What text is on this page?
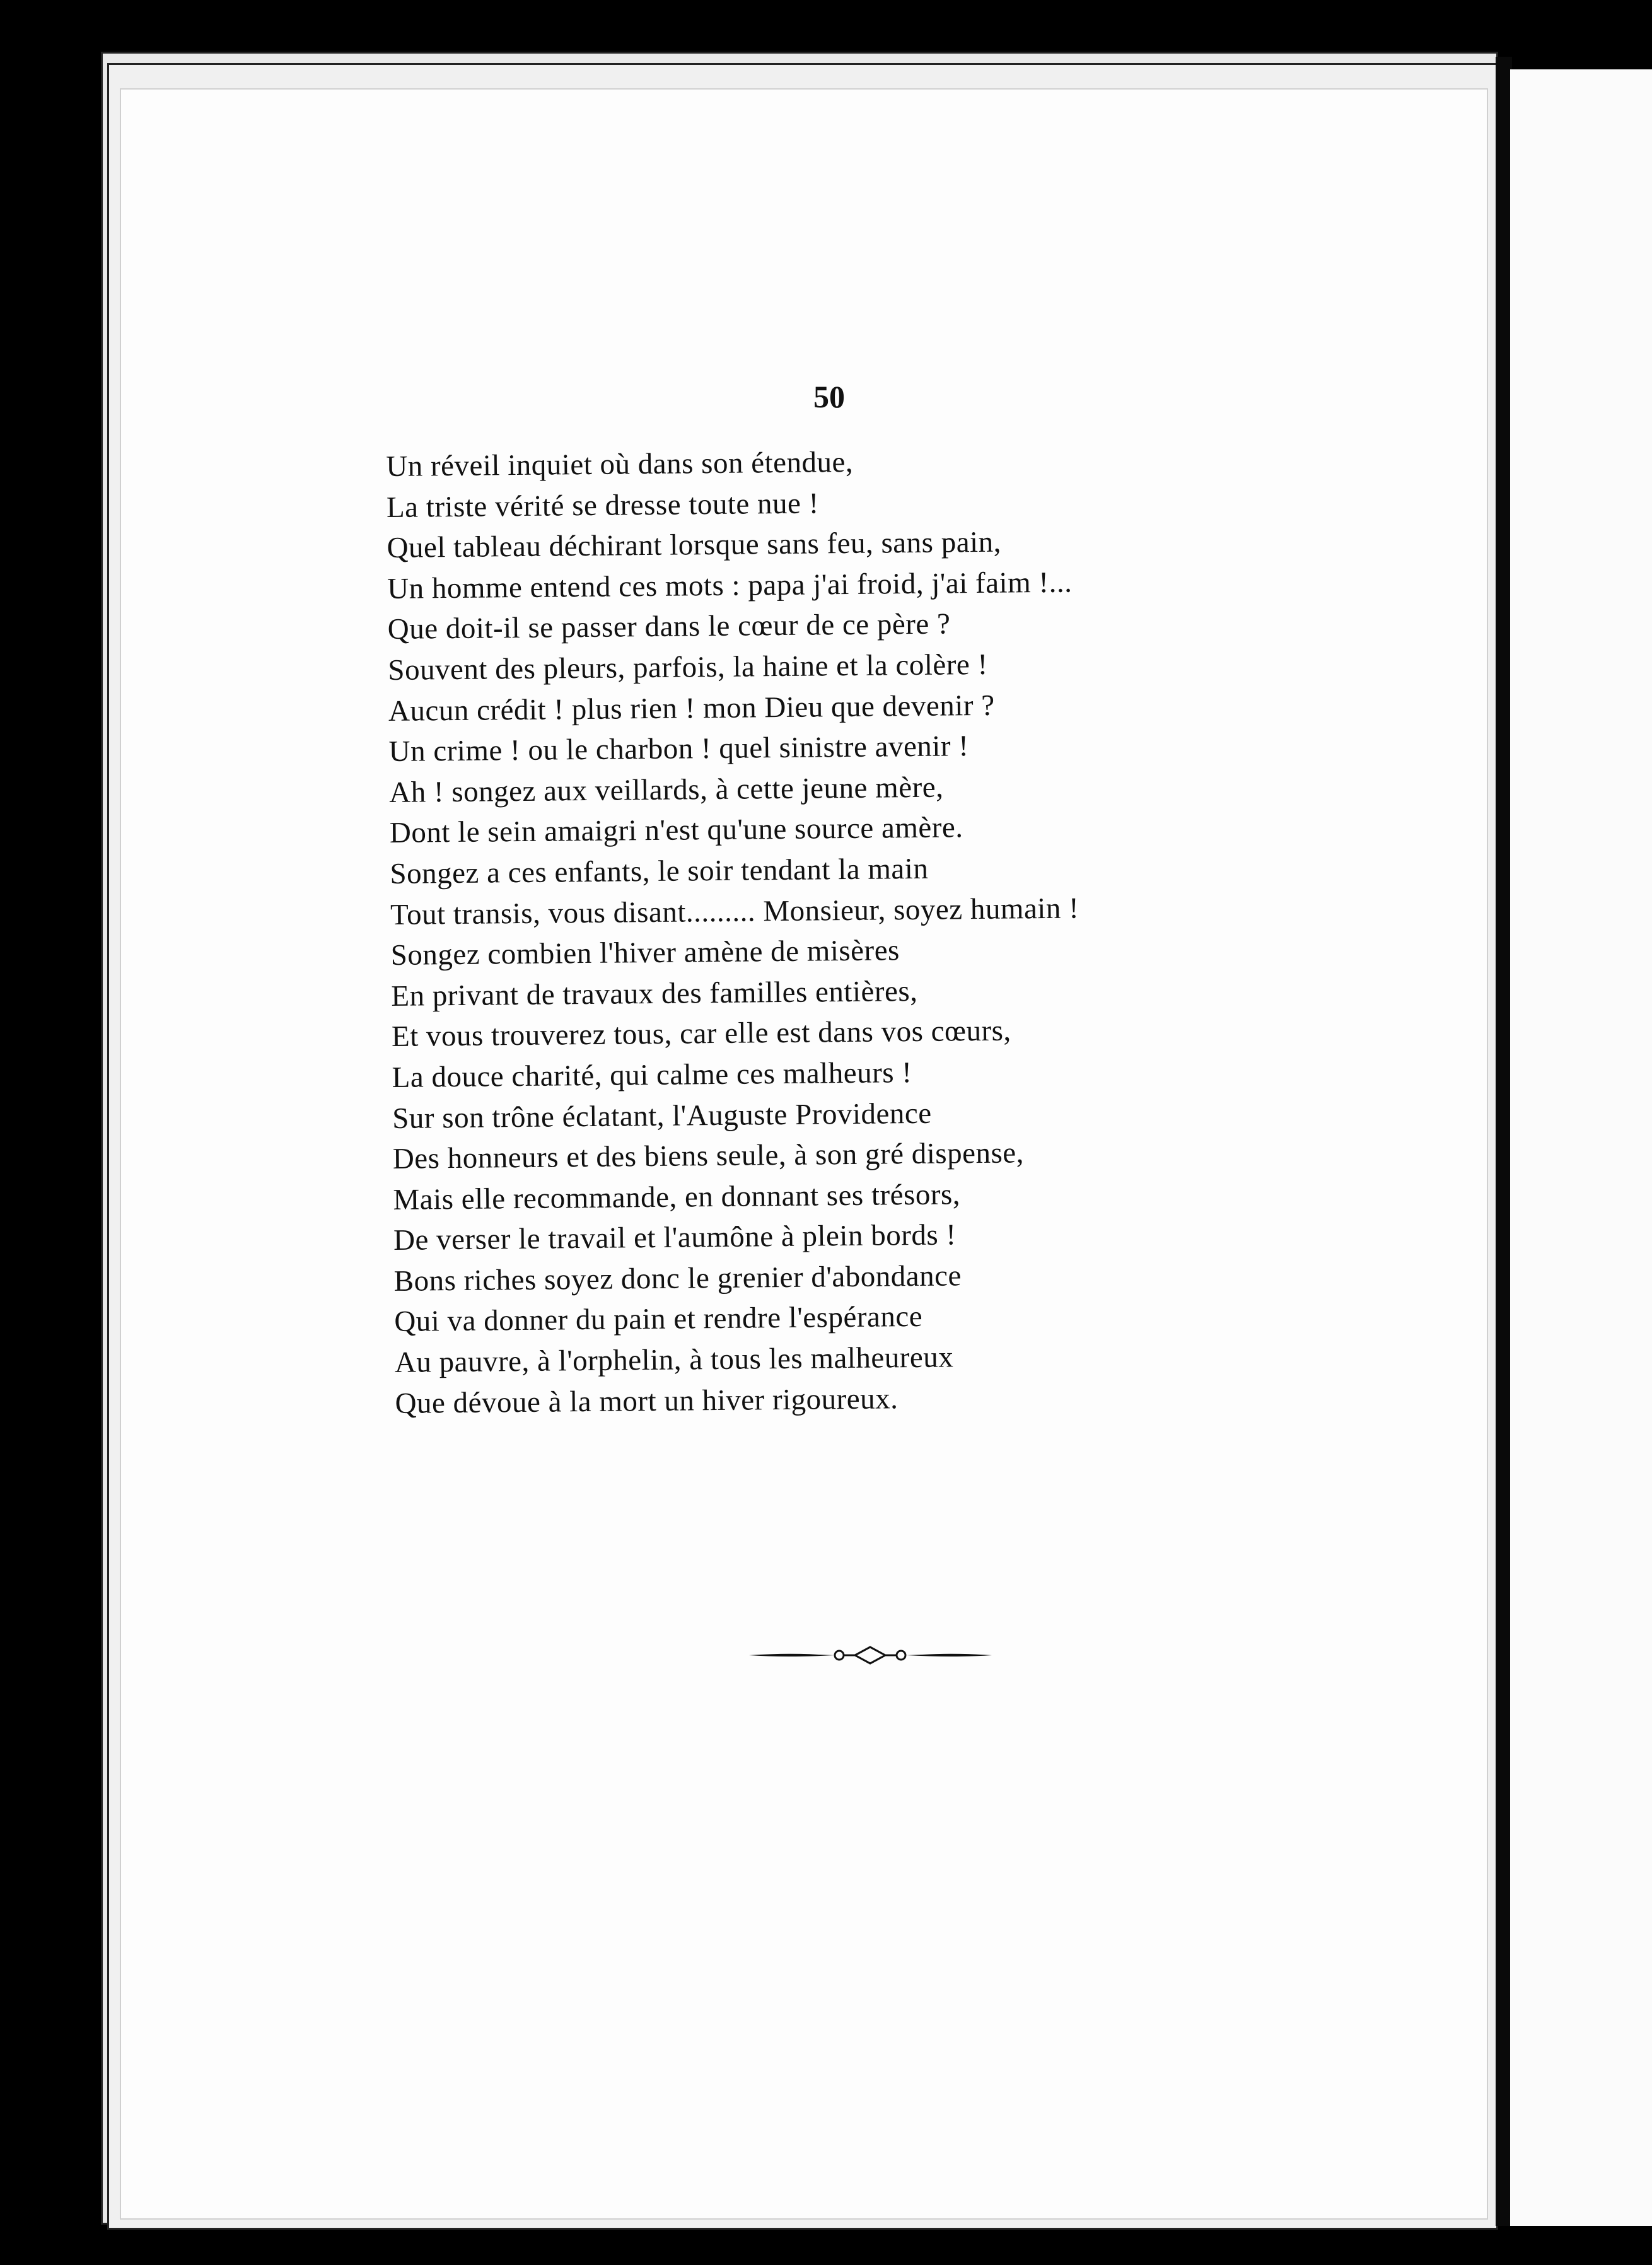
50
Un réveil inquiet où dans son étendue,
La triste vérité se dresse toute nue !
Quel tableau déchirant lorsque sans feu, sans pain,
Un homme entend ces mots : papa j'ai froid, j'ai faim !...
Que doit-il se passer dans le cœur de ce père ?
Souvent des pleurs, parfois, la haine et la colère !
Aucun crédit ! plus rien ! mon Dieu que devenir ?
Un crime ! ou le charbon ! quel sinistre avenir !
Ah ! songez aux veillards, à cette jeune mère,
Dont le sein amaigri n'est qu'une source amère.
Songez a ces enfants, le soir tendant la main
Tout transis, vous disant......... Monsieur, soyez humain !
Songez combien l'hiver amène de misères
En privant de travaux des familles entières,
Et vous trouverez tous, car elle est dans vos cœurs,
La douce charité, qui calme ces malheurs !
Sur son trône éclatant, l'Auguste Providence
Des honneurs et des biens seule, à son gré dispense,
Mais elle recommande, en donnant ses trésors,
De verser le travail et l'aumône à plein bords !
Bons riches soyez donc le grenier d'abondance
Qui va donner du pain et rendre l'espérance
Au pauvre, à l'orphelin, à tous les malheureux
Que dévoue à la mort un hiver rigoureux.
